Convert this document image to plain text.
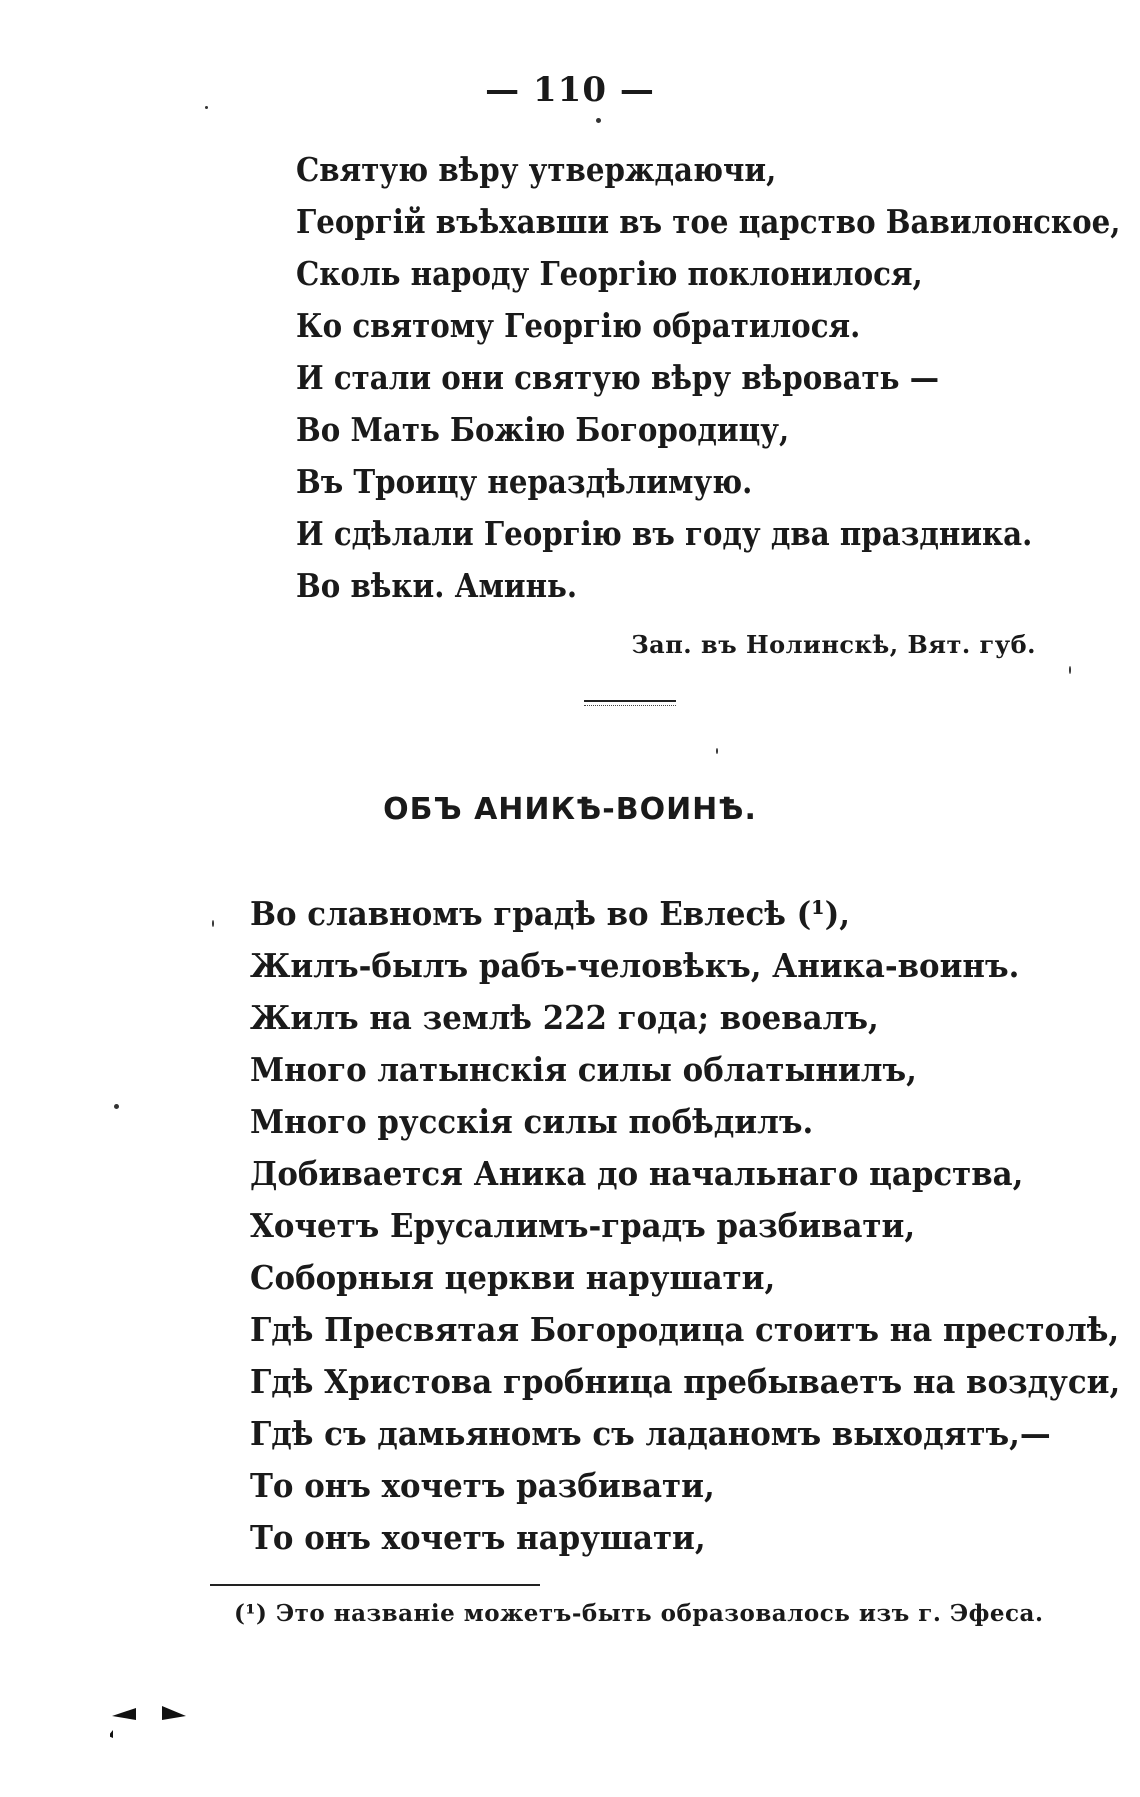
— 110 —
Святую вѣру утверждаючи,
Георгій въѣхавши въ тое царство Вавилонское,
Сколь народу Георгію поклонилося,
Ко святому Георгію обратилося.
И стали они святую вѣру вѣровать —
Во Мать Божію Богородицу,
Въ Троицу нераздѣлимую.
И сдѣлали Георгію въ году два праздника.
Во вѣки. Аминь.
Зап. въ Нолинскѣ, Вят. губ.
ОБЪ АНИКѢ-ВОИНѢ.
Во славномъ градѣ во Евлесѣ (¹),
Жилъ-былъ рабъ-человѣкъ, Аника-воинъ.
Жилъ на землѣ 222 года; воевалъ,
Много латынскія силы облатынилъ,
Много русскія силы побѣдилъ.
Добивается Аника до начальнаго царства,
Хочетъ Ерусалимъ-градъ разбивати,
Соборныя церкви нарушати,
Гдѣ Пресвятая Богородица стоитъ на престолѣ,
Гдѣ Христова гробница пребываетъ на воздуси,
Гдѣ съ дамьяномъ съ ладаномъ выходятъ,—
То онъ хочетъ разбивати,
То онъ хочетъ нарушати,
(¹) Это названіе можетъ-быть образовалось изъ г. Эфеса.
